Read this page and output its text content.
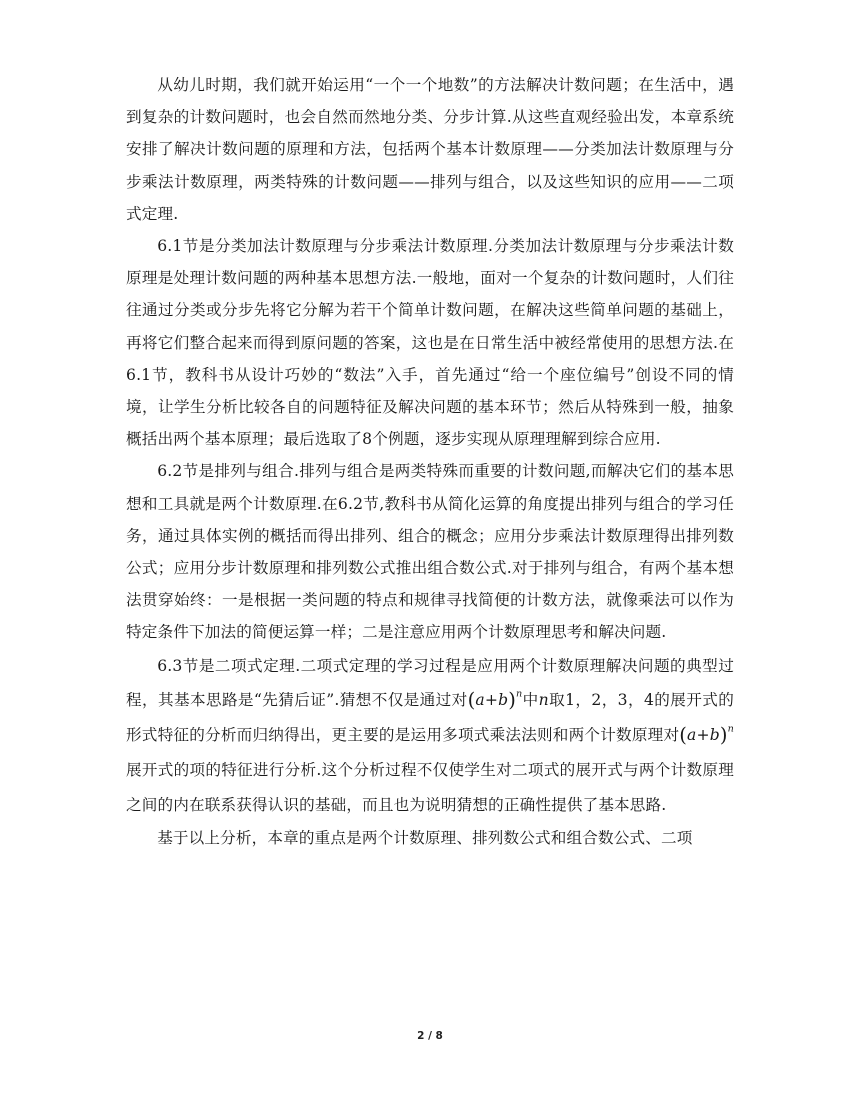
从幼儿时期，我们就开始运用“一个一个地数”的方法解决计数问题；在生活中，遇到复杂的计数问题时，也会自然而然地分类、分步计算.从这些直观经验出发，本章系统安排了解决计数问题的原理和方法，包括两个基本计数原理——分类加法计数原理与分步乘法计数原理，两类特殊的计数问题——排列与组合，以及这些知识的应用——二项式定理.

6.1节是分类加法计数原理与分步乘法计数原理.分类加法计数原理与分步乘法计数原理是处理计数问题的两种基本思想方法.一般地，面对一个复杂的计数问题时，人们往往通过分类或分步先将它分解为若干个简单计数问题，在解决这些简单问题的基础上，再将它们整合起来而得到原问题的答案，这也是在日常生活中被经常使用的思想方法.在6.1节，教科书从设计巧妙的“数法”入手，首先通过“给一个座位编号”创设不同的情境，让学生分析比较各自的问题特征及解决问题的基本环节；然后从特殊到一般，抽象概括出两个基本原理；最后选取了8个例题，逐步实现从原理理解到综合应用.

6.2节是排列与组合.排列与组合是两类特殊而重要的计数问题,而解决它们的基本思想和工具就是两个计数原理.在6.2节,教科书从简化运算的角度提出排列与组合的学习任务，通过具体实例的概括而得出排列、组合的概念；应用分步乘法计数原理得出排列数公式；应用分步计数原理和排列数公式推出组合数公式.对于排列与组合，有两个基本想法贯穿始终：一是根据一类问题的特点和规律寻找简便的计数方法，就像乘法可以作为特定条件下加法的简便运算一样；二是注意应用两个计数原理思考和解决问题.

6.3节是二项式定理.二项式定理的学习过程是应用两个计数原理解决问题的典型过程，其基本思路是“先猜后证”.猜想不仅是通过对$(a+b)^n$中n取1，2，3，4的展开式的形式特征的分析而归纳得出，更主要的是运用多项式乘法法则和两个计数原理对$(a+b)^n$展开式的项的特征进行分析.这个分析过程不仅使学生对二项式的展开式与两个计数原理之间的内在联系获得认识的基础，而且也为说明猜想的正确性提供了基本思路.

基于以上分析，本章的重点是两个计数原理、排列数公式和组合数公式、二项

2 / 8
